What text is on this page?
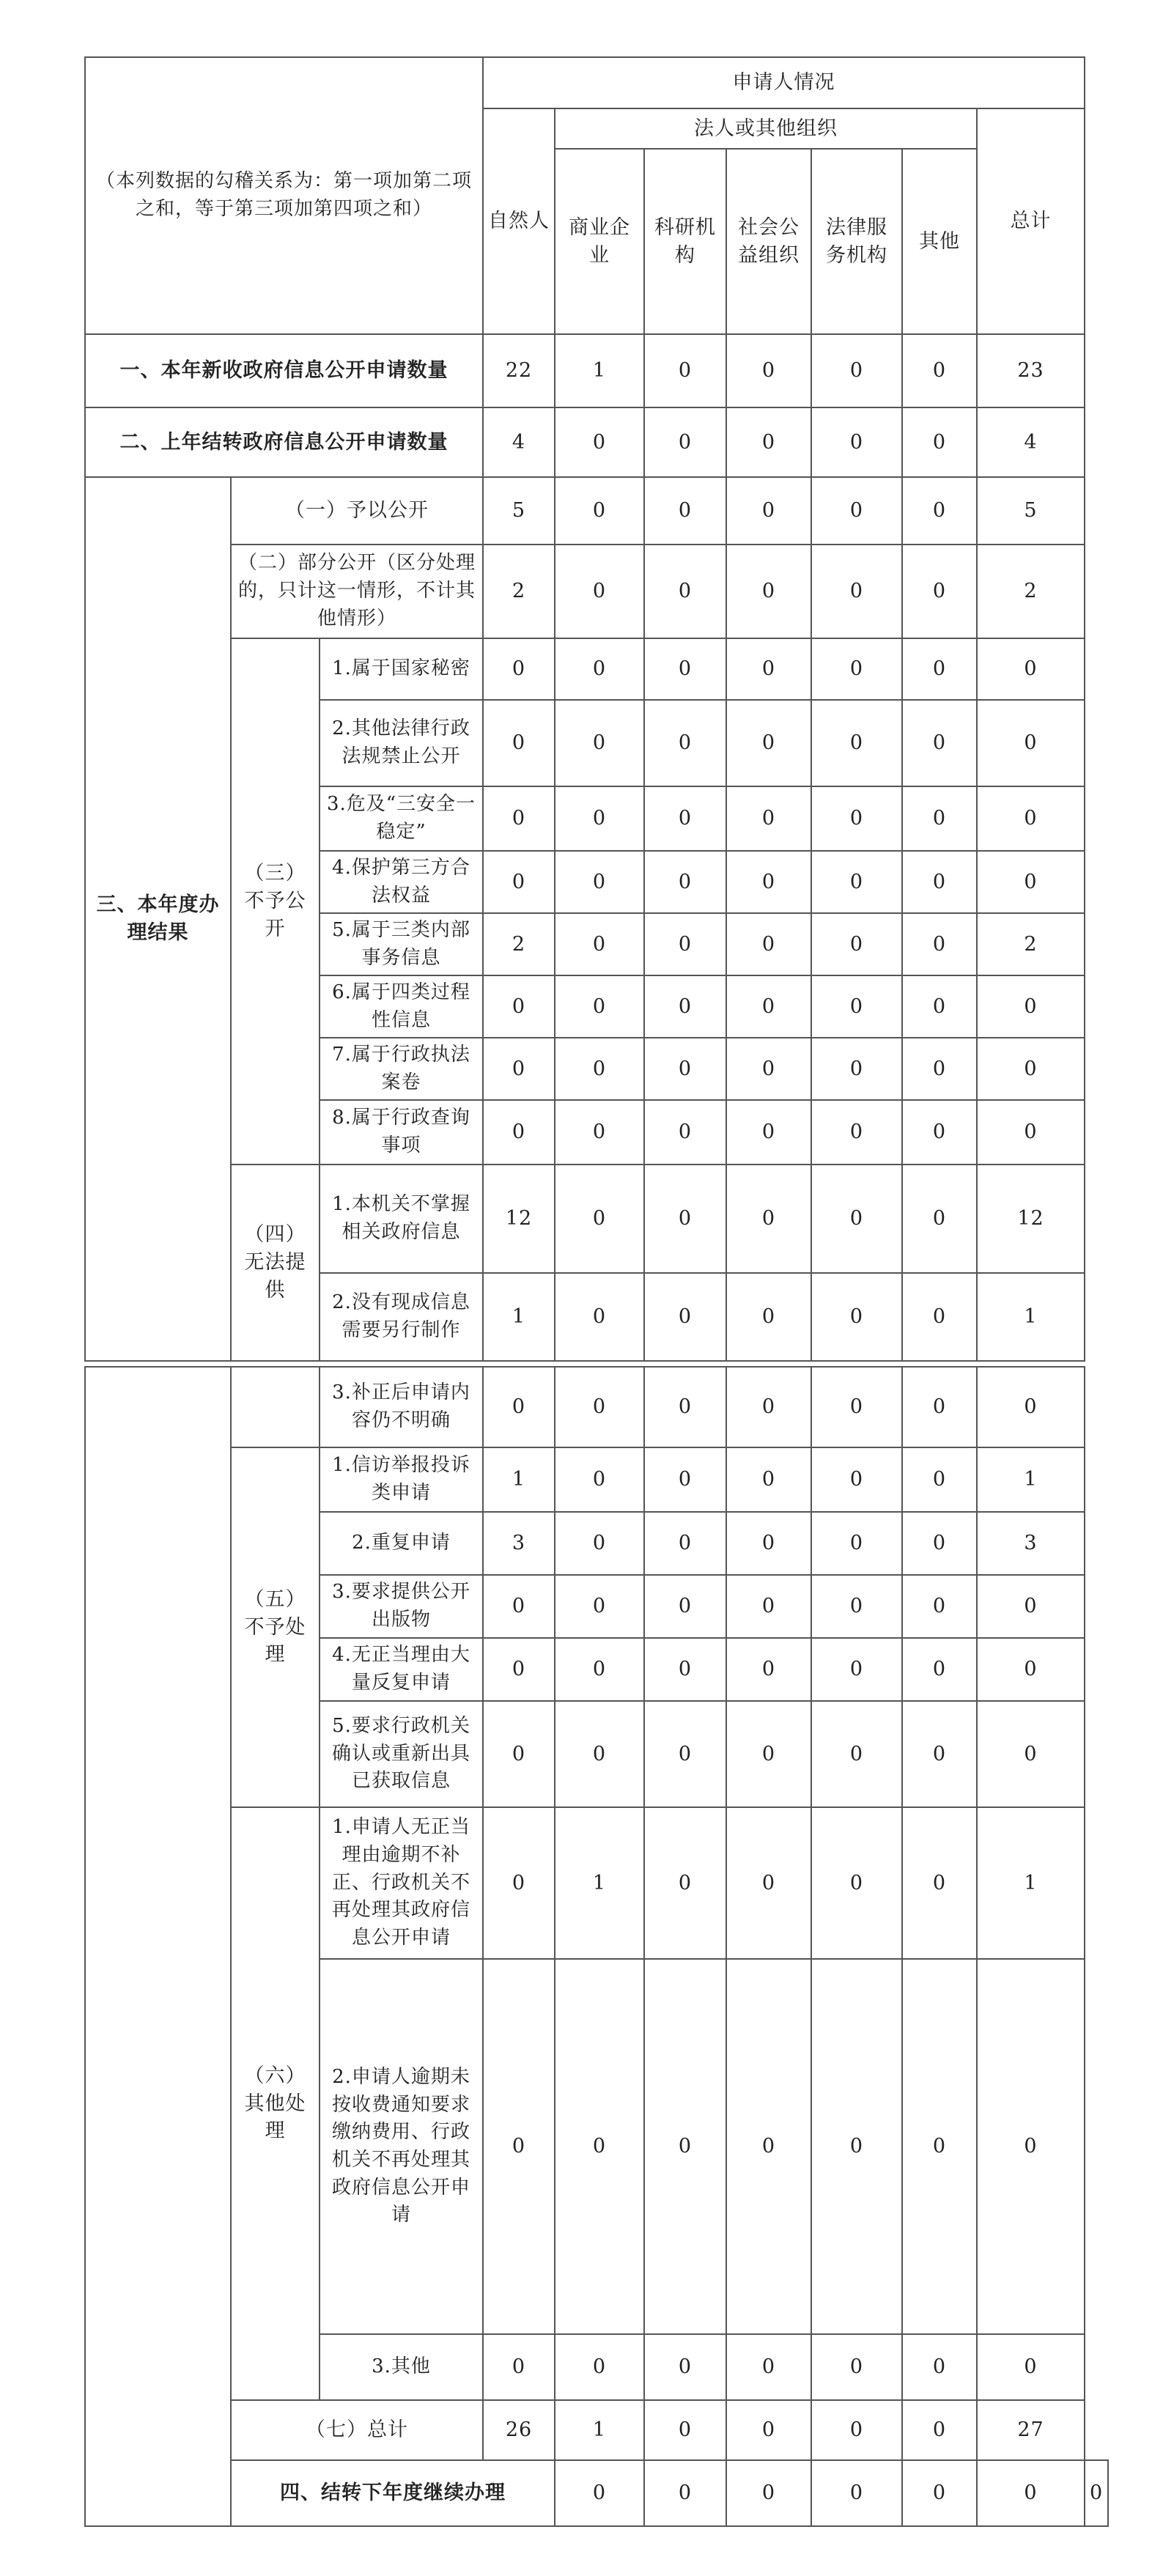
（本列数据的勾稽关系为：第一项加第二项之和，等于第三项加第四项之和）			申请人情况						
			自然人	法人或其他组织					总计
				商业企业	科研机构	社会公益组织	法律服务机构	其他	
一、本年新收政府信息公开申请数量			22	1	0	0	0	0	23
二、上年结转政府信息公开申请数量			4	0	0	0	0	0	4
三、本年度办理结果	（一）予以公开		5	0	0	0	0	0	5
	（二）部分公开（区分处理的，只计这一情形，不计其他情形）		2	0	0	0	0	0	2
	（三）不予公开	1.属于国家秘密	0	0	0	0	0	0	0
		2.其他法律行政法规禁止公开	0	0	0	0	0	0	0
		3.危及“三安全一稳定”	0	0	0	0	0	0	0
		4.保护第三方合法权益	0	0	0	0	0	0	0
		5.属于三类内部事务信息	2	0	0	0	0	0	2
		6.属于四类过程性信息	0	0	0	0	0	0	0
		7.属于行政执法案卷	0	0	0	0	0	0	0
		8.属于行政查询事项	0	0	0	0	0	0	0
	（四）无法提供	1.本机关不掌握相关政府信息	12	0	0	0	0	0	12
		2.没有现成信息需要另行制作	1	0	0	0	0	0	1
		3.补正后申请内容仍不明确	0	0	0	0	0	0	0	
	（五）不予处理	1.信访举报投诉类申请	1	0	0	0	0	0	1	
		2.重复申请	3	0	0	0	0	0	3	
		3.要求提供公开出版物	0	0	0	0	0	0	0	
		4.无正当理由大量反复申请	0	0	0	0	0	0	0	
		5.要求行政机关确认或重新出具已获取信息	0	0	0	0	0	0	0	
	（六）其他处理	1.申请人无正当理由逾期不补正、行政机关不再处理其政府信息公开申请	0	1	0	0	0	0	1	
		2.申请人逾期未按收费通知要求缴纳费用、行政机关不再处理其政府信息公开申请	0	0	0	0	0	0	0	
		3.其他	0	0	0	0	0	0	0	
	（七）总计		26	1	0	0	0	0	27	
	四、结转下年度继续办理			0	0	0	0	0	0	0
